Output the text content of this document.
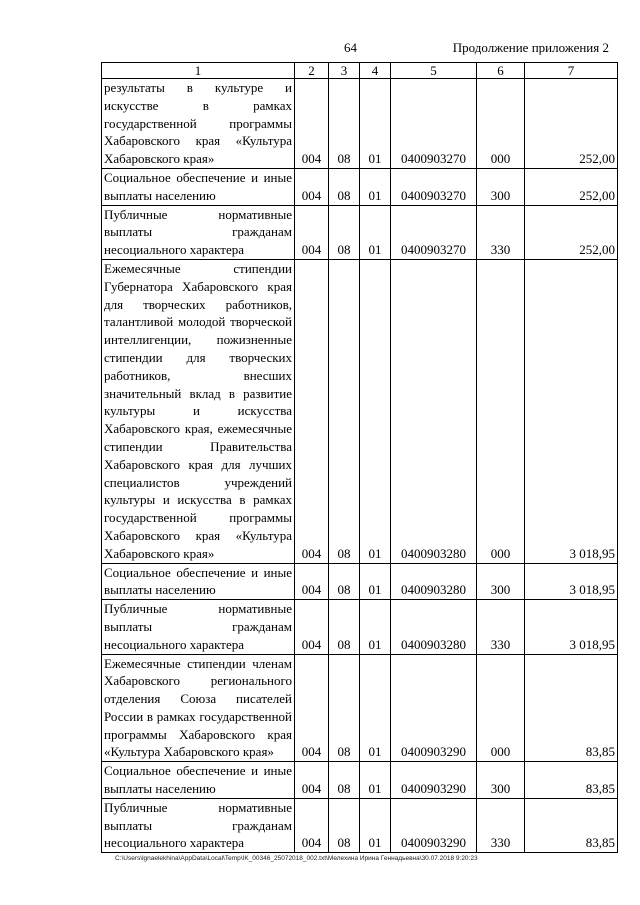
64	Продолжение приложения 2
1	2	3	4	5	6	7
результаты в культуре и искусстве в рамках государственной программы Хабаровского края «Культура Хабаровского края»	004	08	01	0400903270	000	252,00
Социальное обеспечение и иные выплаты населению	004	08	01	0400903270	300	252,00
Публичные нормативные выплаты гражданам несоциального характера	004	08	01	0400903270	330	252,00
Ежемесячные стипендии Губернатора Хабаровского края для творческих работников, талантливой молодой творческой интеллигенции, пожизненные стипендии для творческих работников, внесших значительный вклад в развитие культуры и искусства Хабаровского края, ежемесячные стипендии Правительства Хабаровского края для лучших специалистов учреждений культуры и искусства в рамках государственной программы Хабаровского края «Культура Хабаровского края»	004	08	01	0400903280	000	3 018,95
Социальное обеспечение и иные выплаты населению	004	08	01	0400903280	300	3 018,95
Публичные нормативные выплаты гражданам несоциального характера	004	08	01	0400903280	330	3 018,95
Ежемесячные стипендии членам Хабаровского регионального отделения Союза писателей России в рамках государственной программы Хабаровского края «Культура Хабаровского края»	004	08	01	0400903290	000	83,85
Социальное обеспечение и иные выплаты населению	004	08	01	0400903290	300	83,85
Публичные нормативные выплаты гражданам несоциального характера	004	08	01	0400903290	330	83,85
C:\Users\lgnaelekhina\AppData\Local\Temp\IK_00346_25072018_002.txt\Мелехина Ирина Геннадьевна\30.07.2018 9:20:23
